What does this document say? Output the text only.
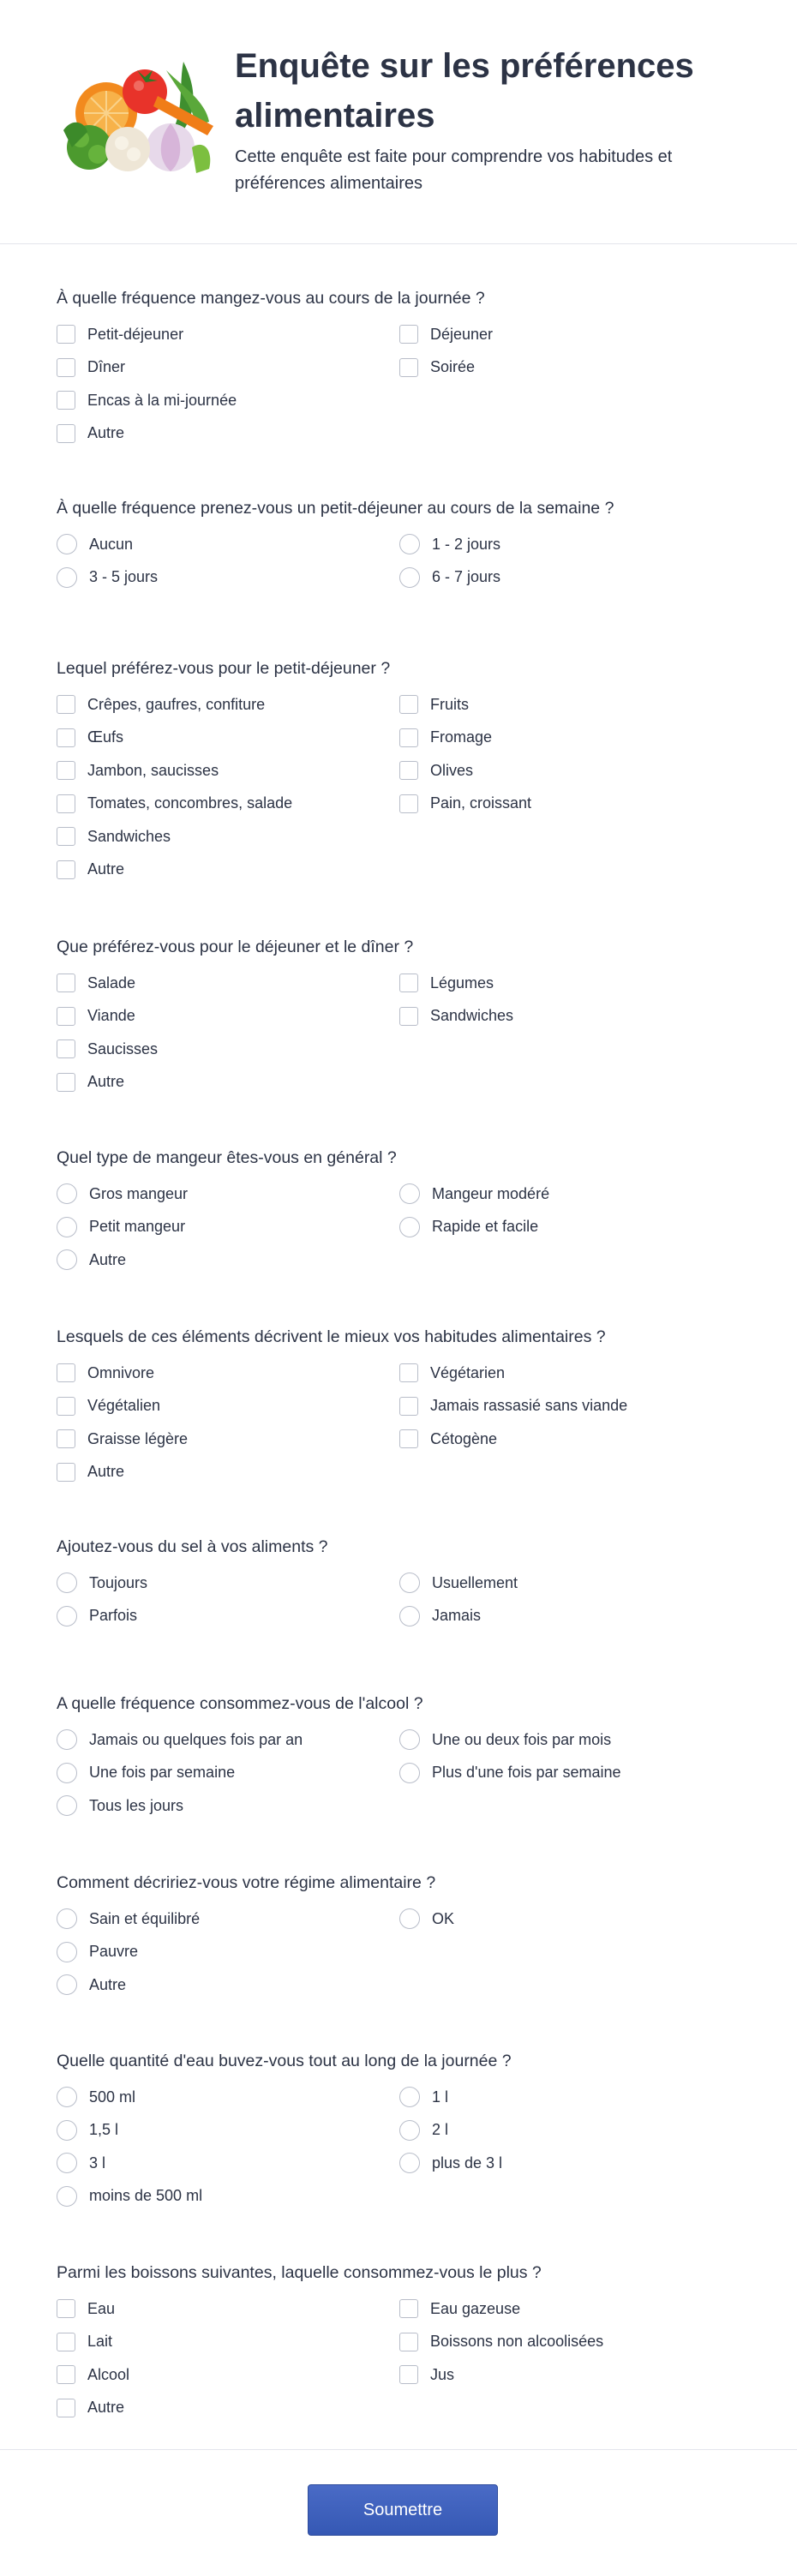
Enquête sur les préférences alimentaires
Cette enquête est faite pour comprendre vos habitudes et préférences alimentaires
À quelle fréquence mangez-vous au cours de la journée ?
Petit-déjeuner	Déjeuner
Dîner	Soirée
Encas à la mi-journée
Autre
À quelle fréquence prenez-vous un petit-déjeuner au cours de la semaine ?
Aucun	1 - 2 jours
3 - 5 jours	6 - 7 jours
Lequel préférez-vous pour le petit-déjeuner ?
Crêpes, gaufres, confiture	Fruits
Œufs	Fromage
Jambon, saucisses	Olives
Tomates, concombres, salade	Pain, croissant
Sandwiches
Autre
Que préférez-vous pour le déjeuner et le dîner ?
Salade	Légumes
Viande	Sandwiches
Saucisses
Autre
Quel type de mangeur êtes-vous en général ?
Gros mangeur	Mangeur modéré
Petit mangeur	Rapide et facile
Autre
Lesquels de ces éléments décrivent le mieux vos habitudes alimentaires ?
Omnivore	Végétarien
Végétalien	Jamais rassasié sans viande
Graisse légère	Cétogène
Autre
Ajoutez-vous du sel à vos aliments ?
Toujours	Usuellement
Parfois	Jamais
A quelle fréquence consommez-vous de l'alcool ?
Jamais ou quelques fois par an	Une ou deux fois par mois
Une fois par semaine	Plus d'une fois par semaine
Tous les jours
Comment décririez-vous votre régime alimentaire ?
Sain et équilibré	OK
Pauvre
Autre
Quelle quantité d'eau buvez-vous tout au long de la journée ?
500 ml	1 l
1,5 l	2 l
3 l	plus de 3 l
moins de 500 ml
Parmi les boissons suivantes, laquelle consommez-vous le plus ?
Eau	Eau gazeuse
Lait	Boissons non alcoolisées
Alcool	Jus
Autre
Soumettre
